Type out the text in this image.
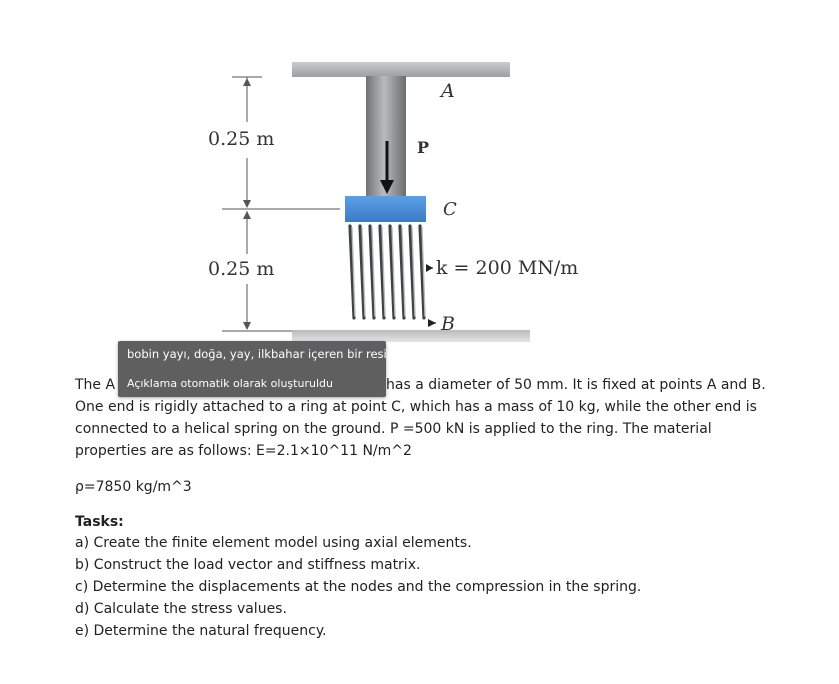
0.25 m
0.25 m
A
P
C
k = 200 MN/m
B
The A	has a diameter of 50 mm. It is fixed at points A and B.
One end is rigidly attached to a ring at point C, which has a mass of 10 kg, while the other end is
connected to a helical spring on the ground. P =500 kN is applied to the ring. The material
properties are as follows: E=2.1×10^11 N/m^2
ρ=7850 kg/m^3
bobin yayı, doğa, yay, ilkbahar içeren bir resim
Açıklama otomatik olarak oluşturuldu
Tasks:
a) Create the finite element model using axial elements.
b) Construct the load vector and stiffness matrix.
c) Determine the displacements at the nodes and the compression in the spring.
d) Calculate the stress values.
e) Determine the natural frequency.
